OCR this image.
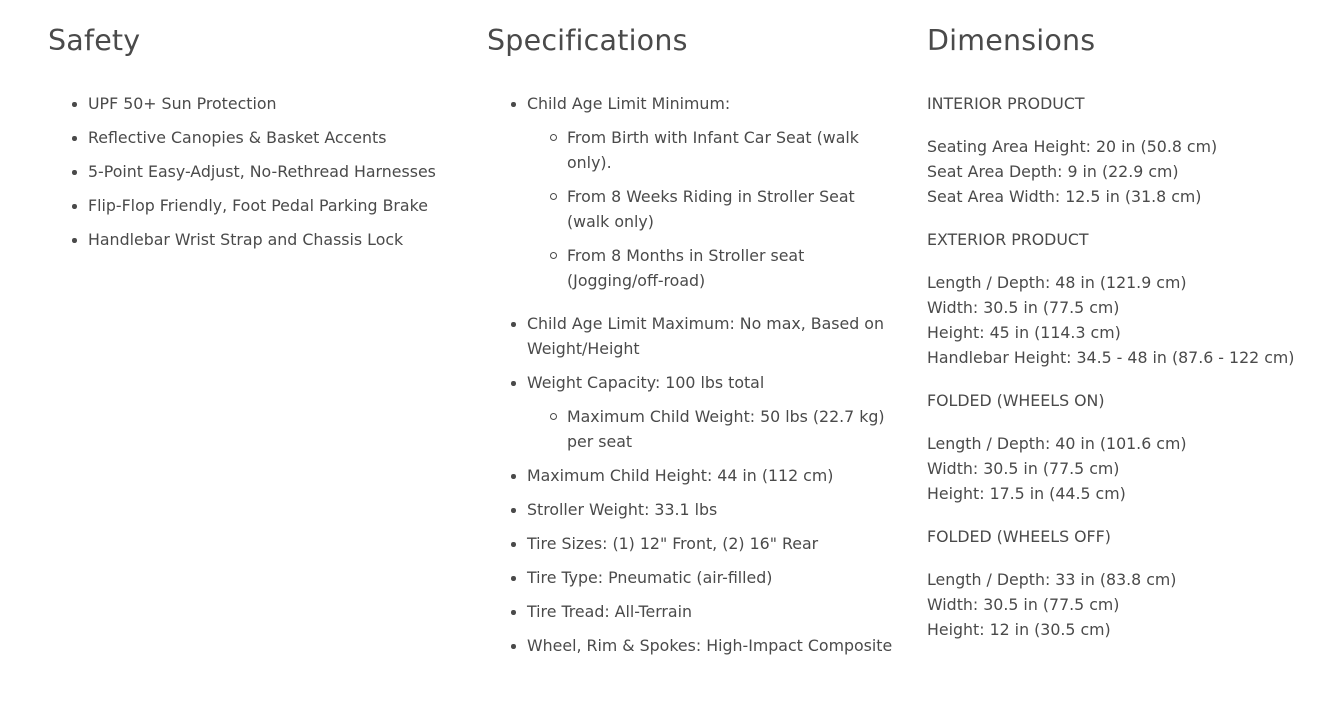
Safety
UPF 50+ Sun Protection
Reflective Canopies & Basket Accents
5-Point Easy-Adjust, No-Rethread Harnesses
Flip-Flop Friendly, Foot Pedal Parking Brake
Handlebar Wrist Strap and Chassis Lock
Specifications
Child Age Limit Minimum:
From Birth with Infant Car Seat (walk only).
From 8 Weeks Riding in Stroller Seat (walk only)
From 8 Months in Stroller seat (Jogging/off-road)
Child Age Limit Maximum: No max, Based on Weight/Height
Weight Capacity: 100 lbs total
Maximum Child Weight: 50 lbs (22.7 kg) per seat
Maximum Child Height: 44 in (112 cm)
Stroller Weight: 33.1 lbs
Tire Sizes: (1) 12" Front, (2) 16" Rear
Tire Type: Pneumatic (air-filled)
Tire Tread: All-Terrain
Wheel, Rim & Spokes: High-Impact Composite
Dimensions
INTERIOR PRODUCT
Seating Area Height: 20 in (50.8 cm)
Seat Area Depth: 9 in (22.9 cm)
Seat Area Width: 12.5 in (31.8 cm)
EXTERIOR PRODUCT
Length / Depth: 48 in (121.9 cm)
Width: 30.5 in (77.5 cm)
Height: 45 in (114.3 cm)
Handlebar Height: 34.5 - 48 in (87.6 - 122 cm)
FOLDED (WHEELS ON)
Length / Depth: 40 in (101.6 cm)
Width: 30.5 in (77.5 cm)
Height: 17.5 in (44.5 cm)
FOLDED (WHEELS OFF)
Length / Depth: 33 in (83.8 cm)
Width: 30.5 in (77.5 cm)
Height: 12 in (30.5 cm)
